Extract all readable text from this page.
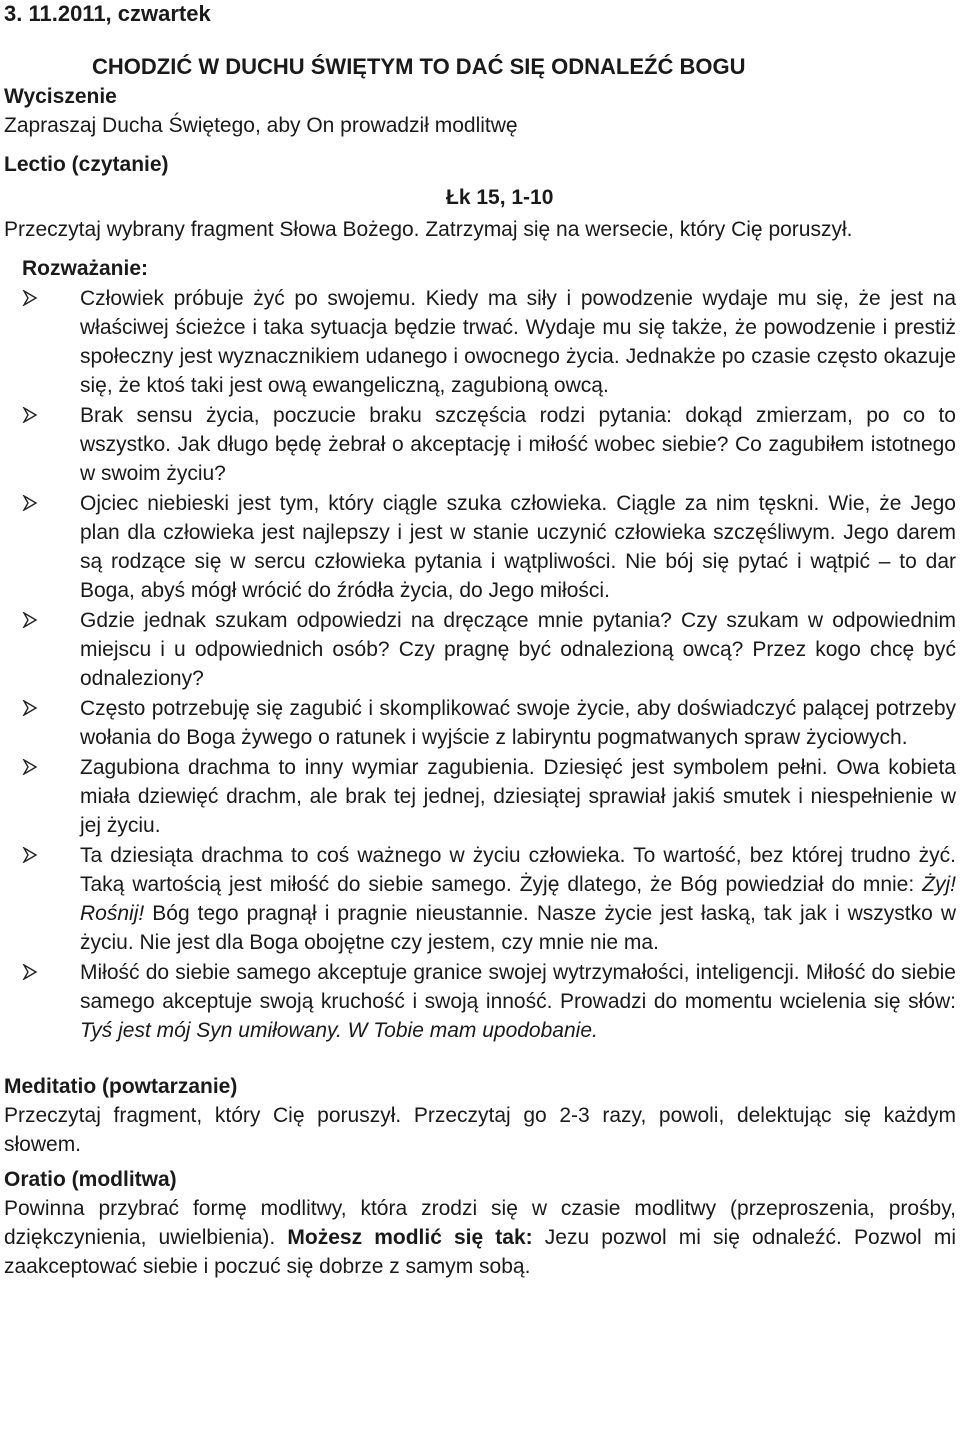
3. 11.2011, czwartek
CHODZIĆ W DUCHU ŚWIĘTYM TO DAĆ SIĘ ODNALEŹĆ BOGU
Wyciszenie
Zapraszaj Ducha Świętego, aby On prowadził modlitwę
Lectio (czytanie)
Łk 15, 1-10
Przeczytaj wybrany fragment Słowa Bożego. Zatrzymaj się na wersecie, który Cię poruszył.
Rozważanie:
Człowiek próbuje żyć po swojemu. Kiedy ma siły i powodzenie wydaje mu się, że jest na właściwej ścieżce i taka sytuacja będzie trwać. Wydaje mu się także, że powodzenie i prestiż społeczny jest wyznacznikiem udanego i owocnego życia. Jednakże po czasie często okazuje się, że ktoś taki jest ową ewangeliczną, zagubioną owcą.
Brak sensu życia, poczucie braku szczęścia rodzi pytania: dokąd zmierzam, po co to wszystko. Jak długo będę żebrał o akceptację i miłość wobec siebie? Co zagubiłem istotnego w swoim życiu?
Ojciec niebieski jest tym, który ciągle szuka człowieka. Ciągle za nim tęskni. Wie, że Jego plan dla człowieka jest najlepszy i jest w stanie uczynić człowieka szczęśliwym. Jego darem są rodzące się w sercu człowieka pytania i wątpliwości. Nie bój się pytać i wątpić – to dar Boga, abyś mógł wrócić do źródła życia, do Jego miłości.
Gdzie jednak szukam odpowiedzi na dręczące mnie pytania? Czy szukam w odpowiednim miejscu i u odpowiednich osób? Czy pragnę być odnalezioną owcą? Przez kogo chcę być odnaleziony?
Często potrzebuję się zagubić i skomplikować swoje życie, aby doświadczyć palącej potrzeby wołania do Boga żywego o ratunek i wyjście z labiryntu pogmatwanych spraw życiowych.
Zagubiona drachma to inny wymiar zagubienia. Dziesięć jest symbolem pełni. Owa kobieta miała dziewięć drachm, ale brak tej jednej, dziesiątej sprawiał jakiś smutek i niespełnienie w jej życiu.
Ta dziesiąta drachma to coś ważnego w życiu człowieka. To wartość, bez której trudno żyć. Taką wartością jest miłość do siebie samego. Żyję dlatego, że Bóg powiedział do mnie: Żyj! Rośnij! Bóg tego pragnął i pragnie nieustannie. Nasze życie jest łaską, tak jak i wszystko w życiu. Nie jest dla Boga obojętne czy jestem, czy mnie nie ma.
Miłość do siebie samego akceptuje granice swojej wytrzymałości, inteligencji. Miłość do siebie samego akceptuje swoją kruchość i swoją inność. Prowadzi do momentu wcielenia się słów: Tyś jest mój Syn umiłowany. W Tobie mam upodobanie.
Meditatio (powtarzanie)
Przeczytaj fragment, który Cię poruszył. Przeczytaj go 2-3 razy, powoli, delektując się każdym słowem.
Oratio (modlitwa)
Powinna przybrać formę modlitwy, która zrodzi się w czasie modlitwy (przeproszenia, prośby, dziękczynienia, uwielbienia). Możesz modlić się tak: Jezu pozwol mi się odnaleźć. Pozwol mi zaakceptować siebie i poczuć się dobrze z samym sobą.
